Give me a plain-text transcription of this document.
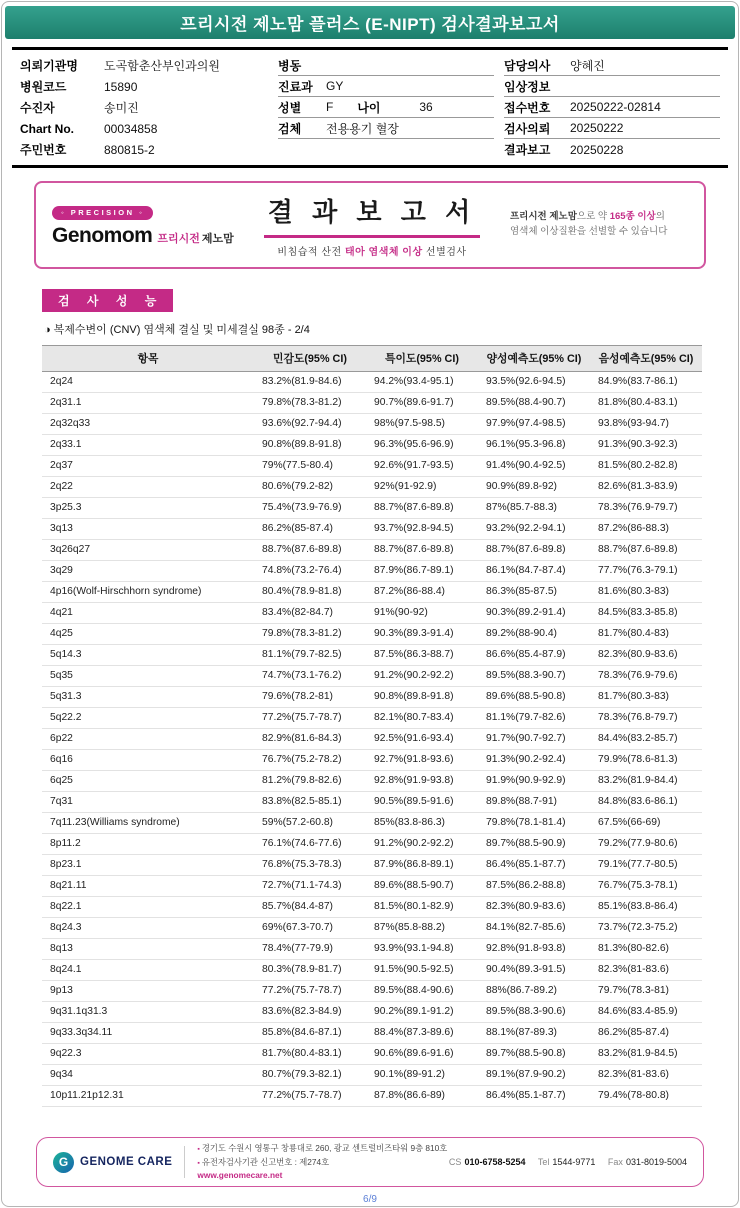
프리시전 제노맘 플러스 (E-NIPT) 검사결과보고서
의뢰기관명	도곡함춘산부인과의원
병원코드	15890
수진자	송미진
Chart No.	00034858
주민번호	880815-2
병동
진료과	GY
성별	F 나이	36
검체	전용용기 혈장
담당의사	양혜진
임상정보
접수번호	20250222-02814
검사의뢰	20250222
결과보고	20250228
◦ PRECISION ◦
Genomom 프리시전 제노맘
결 과 보 고 서
비침습적 산전 태아 염색체 이상 선별검사
프리시전 제노맘으로 약 165종 이상의
염색체 이상질환을 선별할 수 있습니다
검 사 성 능
◑ 복제수변이 (CNV) 염색체 결실 및 미세결실 98종 - 2/4
항목	민감도(95% CI)	특이도(95% CI)	양성예측도(95% CI)	음성예측도(95% CI)
2q24	83.2%(81.9-84.6)	94.2%(93.4-95.1)	93.5%(92.6-94.5)	84.9%(83.7-86.1)
2q31.1	79.8%(78.3-81.2)	90.7%(89.6-91.7)	89.5%(88.4-90.7)	81.8%(80.4-83.1)
2q32q33	93.6%(92.7-94.4)	98%(97.5-98.5)	97.9%(97.4-98.5)	93.8%(93-94.7)
2q33.1	90.8%(89.8-91.8)	96.3%(95.6-96.9)	96.1%(95.3-96.8)	91.3%(90.3-92.3)
2q37	79%(77.5-80.4)	92.6%(91.7-93.5)	91.4%(90.4-92.5)	81.5%(80.2-82.8)
2q22	80.6%(79.2-82)	92%(91-92.9)	90.9%(89.8-92)	82.6%(81.3-83.9)
3p25.3	75.4%(73.9-76.9)	88.7%(87.6-89.8)	87%(85.7-88.3)	78.3%(76.9-79.7)
3q13	86.2%(85-87.4)	93.7%(92.8-94.5)	93.2%(92.2-94.1)	87.2%(86-88.3)
3q26q27	88.7%(87.6-89.8)	88.7%(87.6-89.8)	88.7%(87.6-89.8)	88.7%(87.6-89.8)
3q29	74.8%(73.2-76.4)	87.9%(86.7-89.1)	86.1%(84.7-87.4)	77.7%(76.3-79.1)
4p16(Wolf-Hirschhorn syndrome)	80.4%(78.9-81.8)	87.2%(86-88.4)	86.3%(85-87.5)	81.6%(80.3-83)
4q21	83.4%(82-84.7)	91%(90-92)	90.3%(89.2-91.4)	84.5%(83.3-85.8)
4q25	79.8%(78.3-81.2)	90.3%(89.3-91.4)	89.2%(88-90.4)	81.7%(80.4-83)
5q14.3	81.1%(79.7-82.5)	87.5%(86.3-88.7)	86.6%(85.4-87.9)	82.3%(80.9-83.6)
5q35	74.7%(73.1-76.2)	91.2%(90.2-92.2)	89.5%(88.3-90.7)	78.3%(76.9-79.6)
5q31.3	79.6%(78.2-81)	90.8%(89.8-91.8)	89.6%(88.5-90.8)	81.7%(80.3-83)
5q22.2	77.2%(75.7-78.7)	82.1%(80.7-83.4)	81.1%(79.7-82.6)	78.3%(76.8-79.7)
6p22	82.9%(81.6-84.3)	92.5%(91.6-93.4)	91.7%(90.7-92.7)	84.4%(83.2-85.7)
6q16	76.7%(75.2-78.2)	92.7%(91.8-93.6)	91.3%(90.2-92.4)	79.9%(78.6-81.3)
6q25	81.2%(79.8-82.6)	92.8%(91.9-93.8)	91.9%(90.9-92.9)	83.2%(81.9-84.4)
7q31	83.8%(82.5-85.1)	90.5%(89.5-91.6)	89.8%(88.7-91)	84.8%(83.6-86.1)
7q11.23(Williams syndrome)	59%(57.2-60.8)	85%(83.8-86.3)	79.8%(78.1-81.4)	67.5%(66-69)
8p11.2	76.1%(74.6-77.6)	91.2%(90.2-92.2)	89.7%(88.5-90.9)	79.2%(77.9-80.6)
8p23.1	76.8%(75.3-78.3)	87.9%(86.8-89.1)	86.4%(85.1-87.7)	79.1%(77.7-80.5)
8q21.11	72.7%(71.1-74.3)	89.6%(88.5-90.7)	87.5%(86.2-88.8)	76.7%(75.3-78.1)
8q22.1	85.7%(84.4-87)	81.5%(80.1-82.9)	82.3%(80.9-83.6)	85.1%(83.8-86.4)
8q24.3	69%(67.3-70.7)	87%(85.8-88.2)	84.1%(82.7-85.6)	73.7%(72.3-75.2)
8q13	78.4%(77-79.9)	93.9%(93.1-94.8)	92.8%(91.8-93.8)	81.3%(80-82.6)
8q24.1	80.3%(78.9-81.7)	91.5%(90.5-92.5)	90.4%(89.3-91.5)	82.3%(81-83.6)
9p13	77.2%(75.7-78.7)	89.5%(88.4-90.6)	88%(86.7-89.2)	79.7%(78.3-81)
9q31.1q31.3	83.6%(82.3-84.9)	90.2%(89.1-91.2)	89.5%(88.3-90.6)	84.6%(83.4-85.9)
9q33.3q34.11	85.8%(84.6-87.1)	88.4%(87.3-89.6)	88.1%(87-89.3)	86.2%(85-87.4)
9q22.3	81.7%(80.4-83.1)	90.6%(89.6-91.6)	89.7%(88.5-90.8)	83.2%(81.9-84.5)
9q34	80.7%(79.3-82.1)	90.1%(89-91.2)	89.1%(87.9-90.2)	82.3%(81-83.6)
10p11.21p12.31	77.2%(75.7-78.7)	87.8%(86.6-89)	86.4%(85.1-87.7)	79.4%(78-80.8)
G	GENOME CARE
▪ 경기도 수원시 영통구 창룡대로 260, 광교 센트럴비즈타워 9층 810호
▪ 유전자검사기관 신고번호 : 제274호
www.genomecare.net
CS 010-6758-5254 Tel 1544-9771 Fax 031-8019-5004
6/9
